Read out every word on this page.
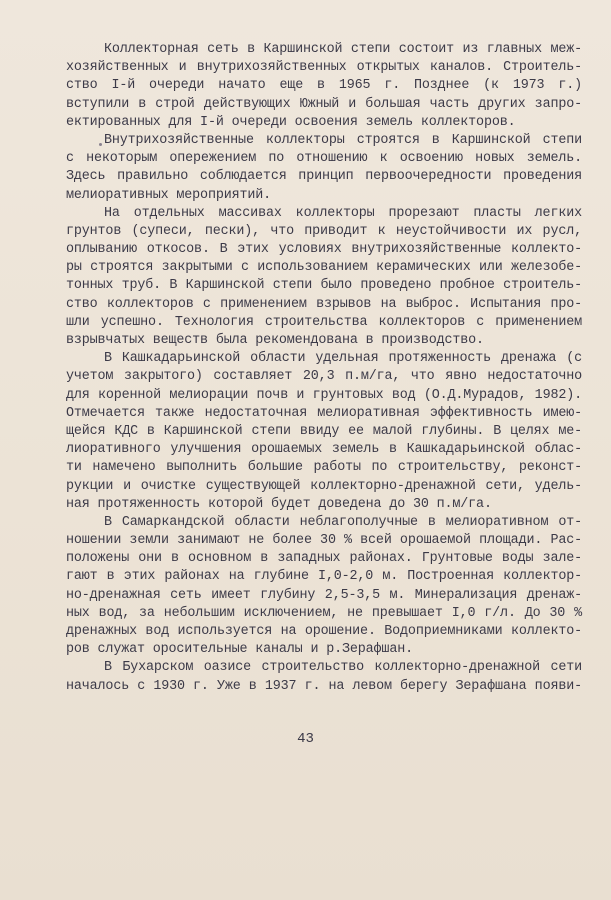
Коллекторная сеть в Каршинской степи состоит из главных меж-
хозяйственных и внутрихозяйственных открытых каналов. Строитель-
ство I-й очереди начато еще в 1965 г. Позднее (к 1973 г.)
вступили в строй действующих Южный и большая часть других запро-
ектированных для I-й очереди освоения земель коллекторов.
Внутрихозяйственные коллекторы строятся в Каршинской степи
с некоторым опережением по отношению к освоению новых земель.
Здесь правильно соблюдается принцип первоочередности проведения
мелиоративных мероприятий.
На отдельных массивах коллекторы прорезают пласты легких
грунтов (супеси, пески), что приводит к неустойчивости их русл,
оплыванию откосов. В этих условиях внутрихозяйственные коллекто-
ры строятся закрытыми с использованием керамических или железобе-
тонных труб. В Каршинской степи было проведено пробное строитель-
ство коллекторов с применением взрывов на выброс. Испытания про-
шли успешно. Технология строительства коллекторов с применением
взрывчатых веществ была рекомендована в производство.
В Кашкадарьинской области удельная протяженность дренажа (с
учетом закрытого) составляет 20,3 п.м/га, что явно недостаточно
для коренной мелиорации почв и грунтовых вод (О.Д.Мурадов, 1982).
Отмечается также недостаточная мелиоративная эффективность имею-
щейся КДС в Каршинской степи ввиду ее малой глубины. В целях ме-
лиоративного улучшения орошаемых земель в Кашкадарьинской облас-
ти намечено выполнить большие работы по строительству, реконст-
рукции и очистке существующей коллекторно-дренажной сети, удель-
ная протяженность которой будет доведена до 30 п.м/га.
В Самаркандской области неблагополучные в мелиоративном от-
ношении земли занимают не более 30 % всей орошаемой площади. Рас-
положены они в основном в западных районах. Грунтовые воды зале-
гают в этих районах на глубине I,0-2,0 м. Построенная коллектор-
но-дренажная сеть имеет глубину 2,5-3,5 м. Минерализация дренаж-
ных вод, за небольшим исключением, не превышает I,0 г/л. До 30 %
дренажных вод используется на орошение. Водоприемниками коллекто-
ров служат оросительные каналы и р.Зерафшан.
В Бухарском оазисе строительство коллекторно-дренажной сети
началось с 1930 г. Уже в 1937 г. на левом берегу Зерафшана появи-
43
